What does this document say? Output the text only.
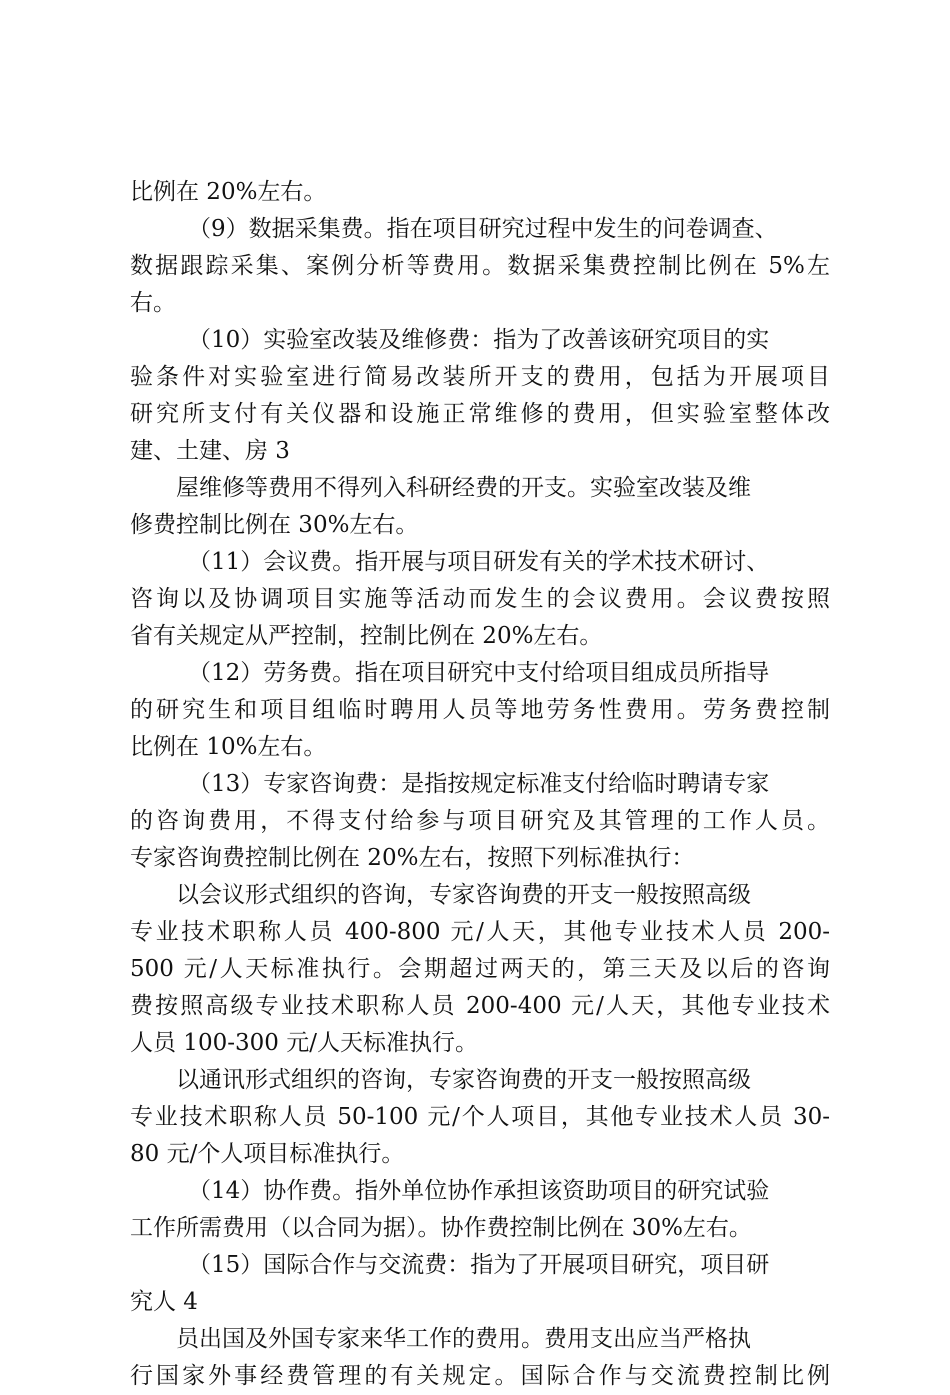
比例在 20%左右。
（9）数据采集费。指在项目研究过程中发生的问卷调查、
数据跟踪采集、案例分析等费用。数据采集费控制比例在 5%左
右。
（10）实验室改装及维修费：指为了改善该研究项目的实
验条件对实验室进行简易改装所开支的费用，包括为开展项目
研究所支付有关仪器和设施正常维修的费用，但实验室整体改
建、土建、房 3
屋维修等费用不得列入科研经费的开支。实验室改装及维
修费控制比例在 30%左右。
（11）会议费。指开展与项目研发有关的学术技术研讨、
咨询以及协调项目实施等活动而发生的会议费用。会议费按照
省有关规定从严控制，控制比例在 20%左右。
（12）劳务费。指在项目研究中支付给项目组成员所指导
的研究生和项目组临时聘用人员等地劳务性费用。劳务费控制
比例在 10%左右。
（13）专家咨询费：是指按规定标准支付给临时聘请专家
的咨询费用，不得支付给参与项目研究及其管理的工作人员。
专家咨询费控制比例在 20%左右，按照下列标准执行：
以会议形式组织的咨询，专家咨询费的开支一般按照高级
专业技术职称人员 400-800 元/人天，其他专业技术人员 200-
500 元/人天标准执行。会期超过两天的，第三天及以后的咨询
费按照高级专业技术职称人员 200-400 元/人天，其他专业技术
人员 100-300 元/人天标准执行。
以通讯形式组织的咨询，专家咨询费的开支一般按照高级
专业技术职称人员 50-100 元/个人项目，其他专业技术人员 30-
80 元/个人项目标准执行。
（14）协作费。指外单位协作承担该资助项目的研究试验
工作所需费用（以合同为据）。协作费控制比例在 30%左右。
（15）国际合作与交流费：指为了开展项目研究，项目研
究人 4
员出国及外国专家来华工作的费用。费用支出应当严格执
行国家外事经费管理的有关规定。国际合作与交流费控制比例
